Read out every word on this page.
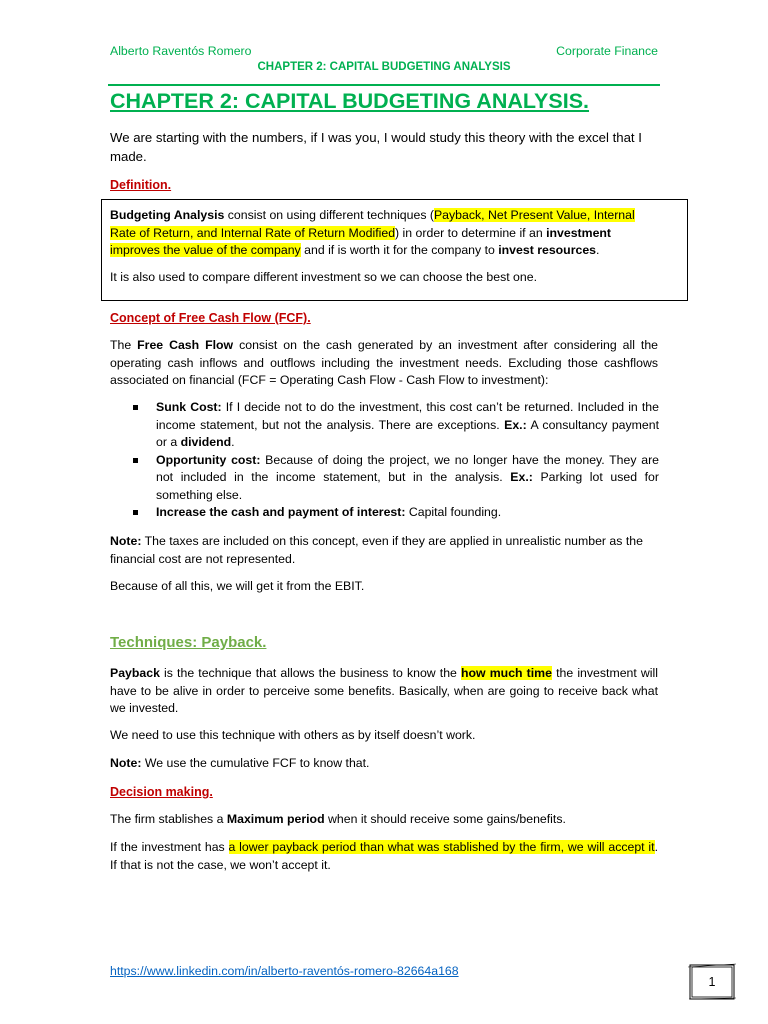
Alberto Raventós Romero	Corporate Finance
CHAPTER 2: CAPITAL BUDGETING ANALYSIS
CHAPTER 2: CAPITAL BUDGETING ANALYSIS.

We are starting with the numbers, if I was you, I would study this theory with the excel that I made.

Definition.

Budgeting Analysis consist on using different techniques (Payback, Net Present Value, Internal Rate of Return, and Internal Rate of Return Modified) in order to determine if an investment improves the value of the company and if is worth it for the company to invest resources.

It is also used to compare different investment so we can choose the best one.

Concept of Free Cash Flow (FCF).

The Free Cash Flow consist on the cash generated by an investment after considering all the operating cash inflows and outflows including the investment needs. Excluding those cashflows associated on financial (FCF = Operating Cash Flow - Cash Flow to investment):

Sunk Cost: If I decide not to do the investment, this cost can’t be returned. Included in the income statement, but not the analysis. There are exceptions. Ex.: A consultancy payment or a dividend.
Opportunity cost: Because of doing the project, we no longer have the money. They are not included in the income statement, but in the analysis. Ex.: Parking lot used for something else.
Increase the cash and payment of interest: Capital founding.

Note: The taxes are included on this concept, even if they are applied in unrealistic number as the financial cost are not represented.

Because of all this, we will get it from the EBIT.

Techniques: Payback.

Payback is the technique that allows the business to know the how much time the investment will have to be alive in order to perceive some benefits. Basically, when are going to receive back what we invested.

We need to use this technique with others as by itself doesn’t work.

Note: We use the cumulative FCF to know that.

Decision making.

The firm stablishes a Maximum period when it should receive some gains/benefits.

If the investment has a lower payback period than what was stablished by the firm, we will accept it. If that is not the case, we won’t accept it.

https://www.linkedin.com/in/alberto-raventós-romero-82664a168
1
